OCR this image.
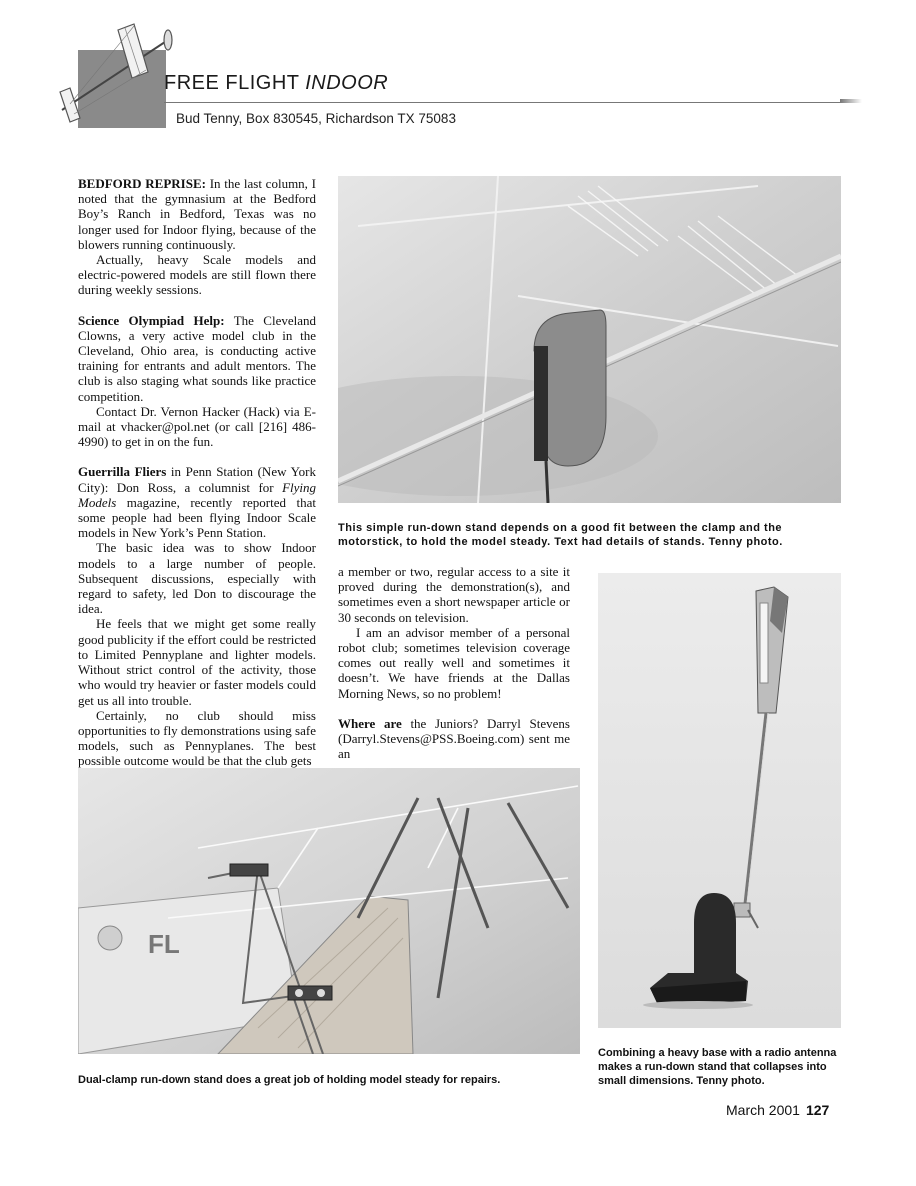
FREE FLIGHT INDOOR
Bud Tenny, Box 830545, Richardson TX 75083

BEDFORD REPRISE: In the last column, I noted that the gymnasium at the Bedford Boy’s Ranch in Bedford, Texas was no longer used for Indoor flying, because of the blowers running continuously.

Actually, heavy Scale models and electric-powered models are still flown there during weekly sessions.

Science Olympiad Help: The Cleveland Clowns, a very active model club in the Cleveland, Ohio area, is conducting active training for entrants and adult mentors. The club is also staging what sounds like practice competition.

Contact Dr. Vernon Hacker (Hack) via E-mail at vhacker@pol.net (or call [216] 486-4990) to get in on the fun.

Guerrilla Fliers in Penn Station (New York City): Don Ross, a columnist for Flying Models magazine, recently reported that some people had been flying Indoor Scale models in New York’s Penn Station.

The basic idea was to show Indoor models to a large number of people. Subsequent discussions, especially with regard to safety, led Don to discourage the idea.

He feels that we might get some really good publicity if the effort could be restricted to Limited Pennyplane and lighter models. Without strict control of the activity, those who would try heavier or faster models could get us all into trouble.

Certainly, no club should miss opportunities to fly demonstrations using safe models, such as Pennyplanes. The best possible outcome would be that the club gets

This simple run-down stand depends on a good fit between the clamp and the motorstick, to hold the model steady. Text had details of stands. Tenny photo.

a member or two, regular access to a site it proved during the demonstration(s), and sometimes even a short newspaper article or 30 seconds on television.

I am an advisor member of a personal robot club; sometimes television coverage comes out really well and sometimes it doesn’t. We have friends at the Dallas Morning News, so no problem!

Where are the Juniors? Darryl Stevens (Darryl.Stevens@PSS.Boeing.com) sent me an

Combining a heavy base with a radio antenna makes a run-down stand that collapses into small dimensions. Tenny photo.
FL
Dual-clamp run-down stand does a great job of holding model steady for repairs.
March 2001 127
